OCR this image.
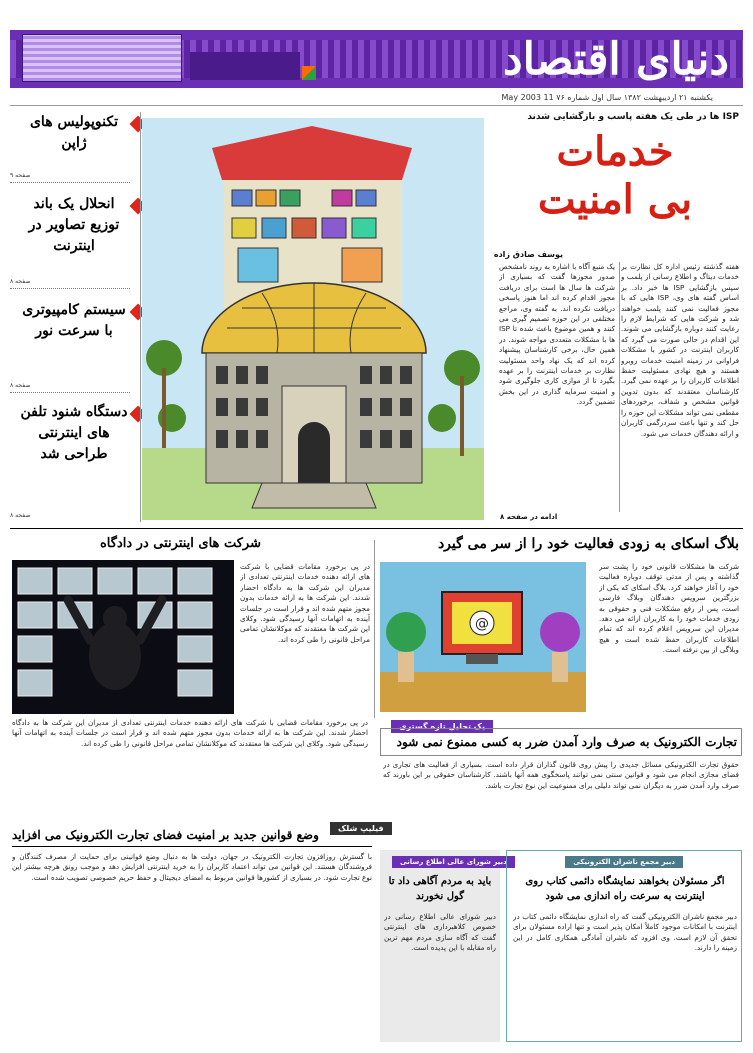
دنیای اقتصاد
یکشنبه ۲۱ اردیبهشت ۱۳۸۲ سال اول شماره ۷۶ 11 May 2003
تکنوپولیس های ژاپن
صفحه ۹
انحلال یک باند توزیع تصاویر در اینترنت
صفحه ۸
سیستم کامپیوتری با سرعت نور
صفحه ۸
دستگاه شنود تلفن های اینترنتی طراحی شد
صفحه ۸
ISP ها در طی یک هفته پاسب و بازگشایی شدند
خدمات
بی امنیت
یوسف صادق زاده
هفته گذشته رئیس اداره کل نظارت بر خدمات دیتاگ و اطلاع رسانی از پلمب و سپس بازگشایی ISP ها خبر داد. بر اساس گفته های وی، ISP هایی که با مجوز فعالیت نمی کنند پلمب خواهند شد و شرکت هایی که شرایط لازم را رعایت کنند دوباره بازگشایی می شوند. این اقدام در حالی صورت می گیرد که کاربران اینترنت در کشور با مشکلات فراوانی در زمینه امنیت خدمات روبرو هستند و هیچ نهادی مسئولیت حفظ اطلاعات کاربران را بر عهده نمی گیرد. کارشناسان معتقدند که بدون تدوین قوانین مشخص و شفاف، برخوردهای مقطعی نمی تواند مشکلات این حوزه را حل کند و تنها باعث سردرگمی کاربران و ارائه دهندگان خدمات می شود.
یک منبع آگاه با اشاره به روند نامشخص صدور مجوزها گفت که بسیاری از شرکت ها سال ها است برای دریافت مجوز اقدام کرده اند اما هنوز پاسخی دریافت نکرده اند. به گفته وی، مراجع مختلفی در این حوزه تصمیم گیری می کنند و همین موضوع باعث شده تا ISP ها با مشکلات متعددی مواجه شوند. در همین حال، برخی کارشناسان پیشنهاد کرده اند که یک نهاد واحد مسئولیت نظارت بر خدمات اینترنت را بر عهده بگیرد تا از موازی کاری جلوگیری شود و امنیت سرمایه گذاری در این بخش تضمین گردد.
ادامه در صفحه ۸
بلاگ اسکای به زودی فعالیت خود را از سر می گیرد
شرکت ها مشکلات قانونی خود را پشت سر گذاشته و پس از مدتی توقف دوباره فعالیت خود را آغاز خواهند کرد. بلاگ اسکای که یکی از بزرگترین سرویس دهندگان وبلاگ فارسی است، پس از رفع مشکلات فنی و حقوقی به زودی خدمات خود را به کاربران ارائه می دهد. مدیران این سرویس اعلام کرده اند که تمام اطلاعات کاربران حفظ شده است و هیچ وبلاگی از بین نرفته است.
@
شرکت های اینترنتی در دادگاه
در پی برخورد مقامات قضایی با شرکت های ارائه دهنده خدمات اینترنتی تعدادی از مدیران این شرکت ها به دادگاه احضار شدند. این شرکت ها به ارائه خدمات بدون مجوز متهم شده اند و قرار است در جلسات آینده به اتهامات آنها رسیدگی شود. وکلای این شرکت ها معتقدند که موکلانشان تمامی مراحل قانونی را طی کرده اند.
یک تحلیل تازه گستری
تجارت الکترونیک به صرف وارد آمدن ضرر به کسی ممنوع نمی شود
حقوق تجارت الکترونیکی مسائل جدیدی را پیش روی قانون گذاران قرار داده است. بسیاری از فعالیت های تجاری در فضای مجازی انجام می شود و قوانین سنتی نمی توانند پاسخگوی همه آنها باشند. کارشناسان حقوقی بر این باورند که صرف وارد آمدن ضرر به دیگران نمی تواند دلیلی برای ممنوعیت این نوع تجارت باشد.
در پی برخورد مقامات قضایی با شرکت های ارائه دهنده خدمات اینترنتی تعدادی از مدیران این شرکت ها به دادگاه احضار شدند. این شرکت ها به ارائه خدمات بدون مجوز متهم شده اند و قرار است در جلسات آینده به اتهامات آنها رسیدگی شود. وکلای این شرکت ها معتقدند که موکلانشان تمامی مراحل قانونی را طی کرده اند.
فیلیپ شلک
وضع قوانین جدید بر امنیت فضای تجارت الکترونیک می افزاید
با گسترش روزافزون تجارت الکترونیک در جهان، دولت ها به دنبال وضع قوانینی برای حمایت از مصرف کنندگان و فروشندگان هستند. این قوانین می تواند اعتماد کاربران را به خرید اینترنتی افزایش دهد و موجب رونق هرچه بیشتر این نوع تجارت شود. در بسیاری از کشورها قوانین مربوط به امضای دیجیتال و حفظ حریم خصوصی تصویب شده است.
دبیر شورای عالی اطلاع رسانی
باید به مردم آگاهی داد تا گول نخورند
دبیر شورای عالی اطلاع رسانی در خصوص کلاهبرداری های اینترنتی گفت که آگاه سازی مردم مهم ترین راه مقابله با این پدیده است.
دبیر مجمع ناشران الکترونیکی
اگر مسئولان بخواهند نمایشگاه دائمی کتاب روی اینترنت به سرعت راه اندازی می شود
دبیر مجمع ناشران الکترونیکی گفت که راه اندازی نمایشگاه دائمی کتاب در اینترنت با امکانات موجود کاملاً امکان پذیر است و تنها اراده مسئولان برای تحقق آن لازم است. وی افزود که ناشران آمادگی همکاری کامل در این زمینه را دارند.
